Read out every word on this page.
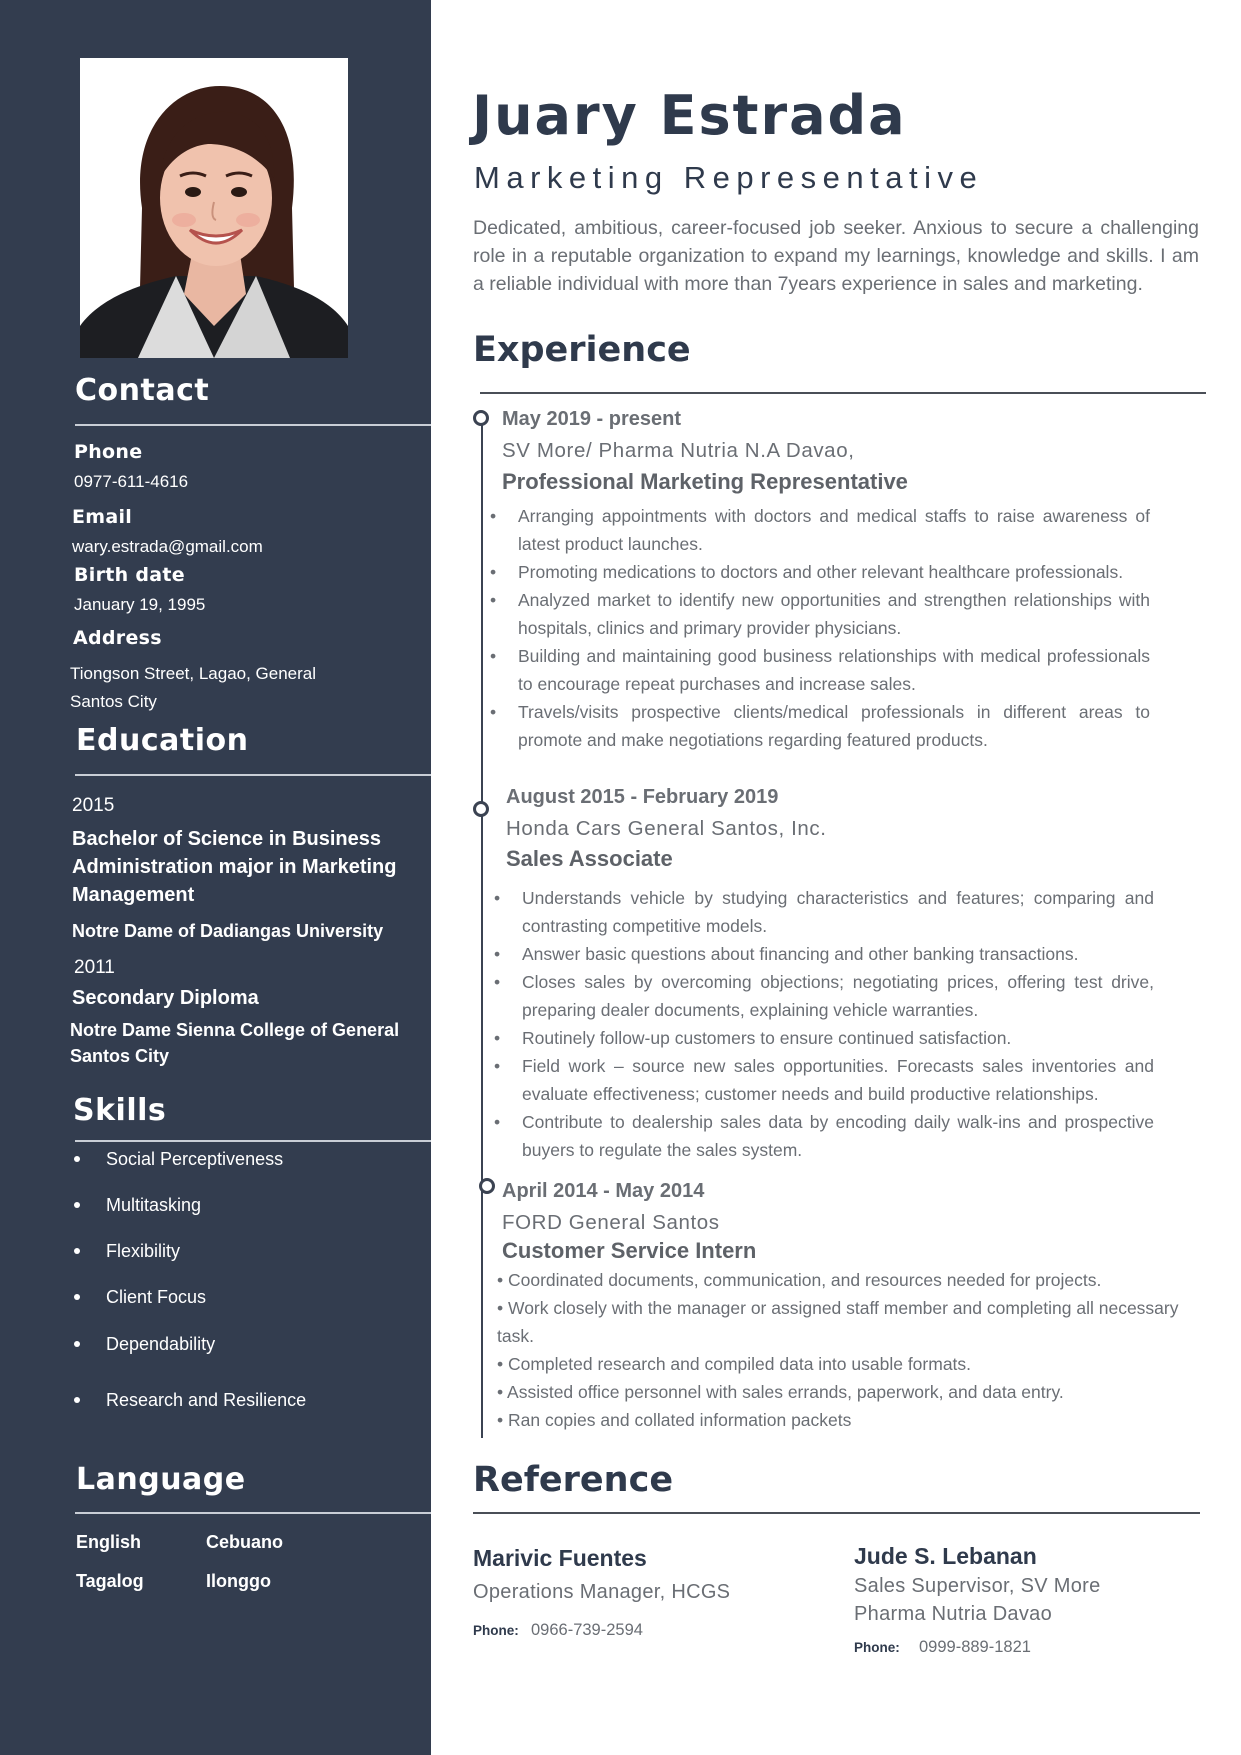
Contact
Phone
0977-611-4616
Email
wary.estrada@gmail.com
Birth date
January 19, 1995
Address
Tiongson Street, Lagao, General
Santos City
Education
2015
Bachelor of Science in Business Administration major in Marketing Management
Notre Dame of Dadiangas University
2011
Secondary Diploma
Notre Dame Sienna College of General Santos City
Skills
Social Perceptiveness
Multitasking
Flexibility
Client Focus
Dependability
Research and Resilience
Language
English	Cebuano
Tagalog	Ilonggo
Juary Estrada
Marketing Representative
Dedicated, ambitious, career-focused job seeker. Anxious to secure a challenging role in a reputable organization to expand my learnings, knowledge and skills. I am a reliable individual with more than 7years experience in sales and marketing.
Experience
May 2019 - present
SV More/ Pharma Nutria N.A Davao,
Professional Marketing Representative
• Arranging appointments with doctors and medical staffs to raise awareness of latest product launches.
• Promoting medications to doctors and other relevant healthcare professionals.
• Analyzed market to identify new opportunities and strengthen relationships with hospitals, clinics and primary provider physicians.
• Building and maintaining good business relationships with medical professionals to encourage repeat purchases and increase sales.
• Travels/visits prospective clients/medical professionals in different areas to promote and make negotiations regarding featured products.
August 2015 - February 2019
Honda Cars General Santos, Inc.
Sales Associate
• Understands vehicle by studying characteristics and features; comparing and contrasting competitive models.
• Answer basic questions about financing and other banking transactions.
• Closes sales by overcoming objections; negotiating prices, offering test drive, preparing dealer documents, explaining vehicle warranties.
• Routinely follow-up customers to ensure continued satisfaction.
• Field work – source new sales opportunities. Forecasts sales inventories and evaluate effectiveness; customer needs and build productive relationships.
• Contribute to dealership sales data by encoding daily walk-ins and prospective buyers to regulate the sales system.
April 2014 - May 2014
FORD General Santos
Customer Service Intern
• Coordinated documents, communication, and resources needed for projects.
• Work closely with the manager or assigned staff member and completing all necessary task.
• Completed research and compiled data into usable formats.
• Assisted office personnel with sales errands, paperwork, and data entry.
• Ran copies and collated information packets
Reference
Marivic Fuentes
Operations Manager, HCGS
Phone: 0966-739-2594
Jude S. Lebanan
Sales Supervisor, SV More Pharma Nutria Davao
Phone: 0999-889-1821
